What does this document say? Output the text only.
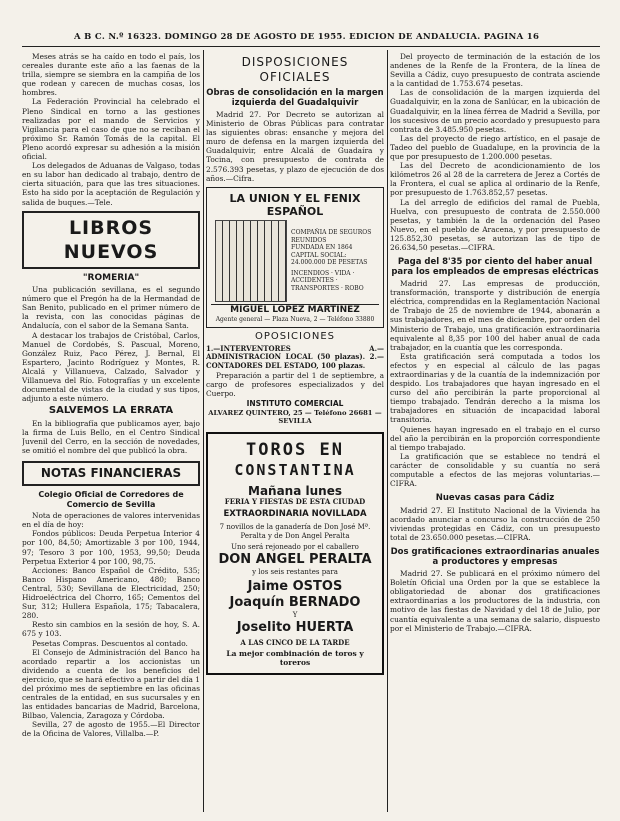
A B C. N.º 16323. DOMINGO 28 DE AGOSTO DE 1955. EDICION DE ANDALUCIA. PAGINA 16

Meses atrás se ha caído en todo el país, los cereales durante este año a las faenas de la trilla, siempre se siembra en la campiña de los que rodean y carecen de muchas cosas, los hombres.

La Federación Provincial ha celebrado el Pleno Sindical en torno a las gestiones realizadas por el mando de Servicios y Vigilancia para el caso de que no se reciban el próximo Sr. Ramón Tomás de la capital. El Pleno acordó expresar su adhesión a la misión oficial.

Los delegados de Aduanas de Valgaso, todas en su labor han dedicado al trabajo, dentro de cierta situación, para que las tres situaciones. Esto ha sido por la aceptación de Regulación y salida de buques.—Tele.

LIBROS NUEVOS
"ROMERIA"

Una publicación sevillana, es el segundo número que el Pregón ha de la Hermandad de San Benito, publicado en el primer número de la revista, con las conocidas páginas de Andalucía, con el sabor de la Semana Santa.

A destacar los trabajos de Cristóbal, Carlos, Manuel de Cordobés, S. Pascual, Moreno, González Ruiz, Paco Pérez, J. Bernal, El Espartero, Jacinto Rodríguez y Montes, R. Alcalá y Villanueva, Calzado, Salvador y Villanueva del Río. Fotografías y un excelente documental de vistas de la ciudad y sus tipos, adjunto a este número.

SALVEMOS LA ERRATA

En la bibliografía que publicamos ayer, bajo la firma de Luis Bello, en el Centro Sindical Juvenil del Cerro, en la sección de novedades, se omitió el nombre del que publicó la obra.

NOTAS FINANCIERAS
Colegio Oficial de Corredores de Comercio de Sevilla

Nota de operaciones de valores intervenidas en el día de hoy:

Fondos públicos: Deuda Perpetua Interior 4 por 100, 84,50; Amortizable 3 por 100, 1944, 97; Tesoro 3 por 100, 1953, 99,50; Deuda Perpetua Exterior 4 por 100, 98,75.

Acciones: Banco Español de Crédito, 535; Banco Hispano Americano, 480; Banco Central, 530; Sevillana de Electricidad, 250; Hidroeléctrica del Chorro, 165; Cementos del Sur, 312; Hullera Española, 175; Tabacalera, 280.

Resto sin cambios en la sesión de hoy, S. A. 675 y 103.

Pesetas Compras. Descuentos al contado.

El Consejo de Administración del Banco ha acordado repartir a los accionistas un dividendo a cuenta de los beneficios del ejercicio, que se hará efectivo a partir del día 1 del próximo mes de septiembre en las oficinas centrales de la entidad, en sus sucursales y en las entidades bancarias de Madrid, Barcelona, Bilbao, Valencia, Zaragoza y Córdoba.

Sevilla, 27 de agosto de 1955.—El Director de la Oficina de Valores, Villalba.—P.

DISPOSICIONES OFICIALES
Obras de consolidación en la margen izquierda del Guadalquivir

Madrid 27. Por Decreto se autorizan al Ministerio de Obras Públicas para contratar las siguientes obras: ensanche y mejora del muro de defensa en la margen izquierda del Guadalquivir, entre Alcalá de Guadaíra y Tocina, con presupuesto de contrata de 2.576.393 pesetas, y plazo de ejecución de dos años.—Cifra.

LA UNION Y EL FENIX
ESPAÑOL
COMPAÑIA DE SEGUROS REUNIDOS
FUNDADA EN 1864
CAPITAL SOCIAL: 24.000.000 DE PESETAS
INCENDIOS · VIDA · ACCIDENTES · TRANSPORTES · ROBO
MIGUEL LOPEZ MARTINEZ
Agente general — Plaza Nueva, 2 — Teléfono 33880
OPOSICIONES
1.—INTERVENTORES A.— ADMINISTRACION LOCAL (50 plazas). 2.—CONTADORES DEL ESTADO, 100 plazas.

Preparación a partir del 1 de septiembre, a cargo de profesores especializados y del Cuerpo.

INSTITUTO COMERCIAL
ALVAREZ QUINTERO, 25 — Teléfono 26681 — SEVILLA
TOROS EN
CONSTANTINA
Mañana lunes
FERIA Y FIESTAS DE ESTA CIUDAD
EXTRAORDINARIA NOVILLADA
7 novillos de la ganadería de Don José Mª. Peralta y de Don Angel Peralta
Uno será rejoneado por el caballero
DON ANGEL PERALTA
y los seis restantes para
Jaime OSTOS
Joaquín BERNADO
Y
Joselito HUERTA
A LAS CINCO DE LA TARDE
La mejor combinación de toros y toreros

Del proyecto de terminación de la estación de los andenes de la Renfe de la Frontera, de la línea de Sevilla a Cádiz, cuyo presupuesto de contrata asciende a la cantidad de 1.753.674 pesetas.

Las de consolidación de la margen izquierda del Guadalquivir, en la zona de Sanlúcar, en la ubicación de Guadalquivir, en la línea férrea de Madrid a Sevilla, por los sucesivos de un precio acordado y presupuesto para contrata de 3.485.950 pesetas.

Las del proyecto de riego artístico, en el pasaje de Tadeo del pueblo de Guadalupe, en la provincia de la que por presupuesto de 1.200.000 pesetas.

Las del Decreto de acondicionamiento de los kilómetros 26 al 28 de la carretera de Jerez a Cortés de la Frontera, el cual se aplica al ordinario de la Renfe, por presupuesto de 1.763.852,57 pesetas.

La del arreglo de edificios del ramal de Puebla, Huelva, con presupuesto de contrata de 2.550.000 pesetas, y también la de la ordenación del Paseo Nuevo, en el pueblo de Aracena, y por presupuesto de 125.852,30 pesetas, se autorizan las de tipo de 26.634,50 pesetas.—CIFRA.

Paga del 8'35 por ciento del haber anual para los empleados de empresas eléctricas

Madrid 27. Las empresas de producción, transformación, transporte y distribución de energía eléctrica, comprendidas en la Reglamentación Nacional de Trabajo de 25 de noviembre de 1944, abonarán a sus trabajadores, en el mes de diciembre, por orden del Ministerio de Trabajo, una gratificación extraordinaria equivalente al 8,35 por 100 del haber anual de cada trabajador, en la cuantía que les corresponda.

Esta gratificación será computada a todos los efectos y en especial al cálculo de las pagas extraordinarias y de la cuantía de la indemnización por despido. Los trabajadores que hayan ingresado en el curso del año percibirán la parte proporcional al tiempo trabajado. Tendrán derecho a la misma los trabajadores en situación de incapacidad laboral transitoria.

Quienes hayan ingresado en el trabajo en el curso del año la percibirán en la proporción correspondiente al tiempo trabajado.

La gratificación que se establece no tendrá el carácter de consolidable y su cuantía no será computable a efectos de las mejoras voluntarias.—CIFRA.

Nuevas casas para Cádiz

Madrid 27. El Instituto Nacional de la Vivienda ha acordado anunciar a concurso la construcción de 250 viviendas protegidas en Cádiz, con un presupuesto total de 23.650.000 pesetas.—CIFRA.

Dos gratificaciones extraordinarias anuales a productores y empresas

Madrid 27. Se publicará en el próximo número del Boletín Oficial una Orden por la que se establece la obligatoriedad de abonar dos gratificaciones extraordinarias a los productores de la industria, con motivo de las fiestas de Navidad y del 18 de Julio, por cuantía equivalente a una semana de salario, dispuesto por el Ministerio de Trabajo.—CIFRA.
